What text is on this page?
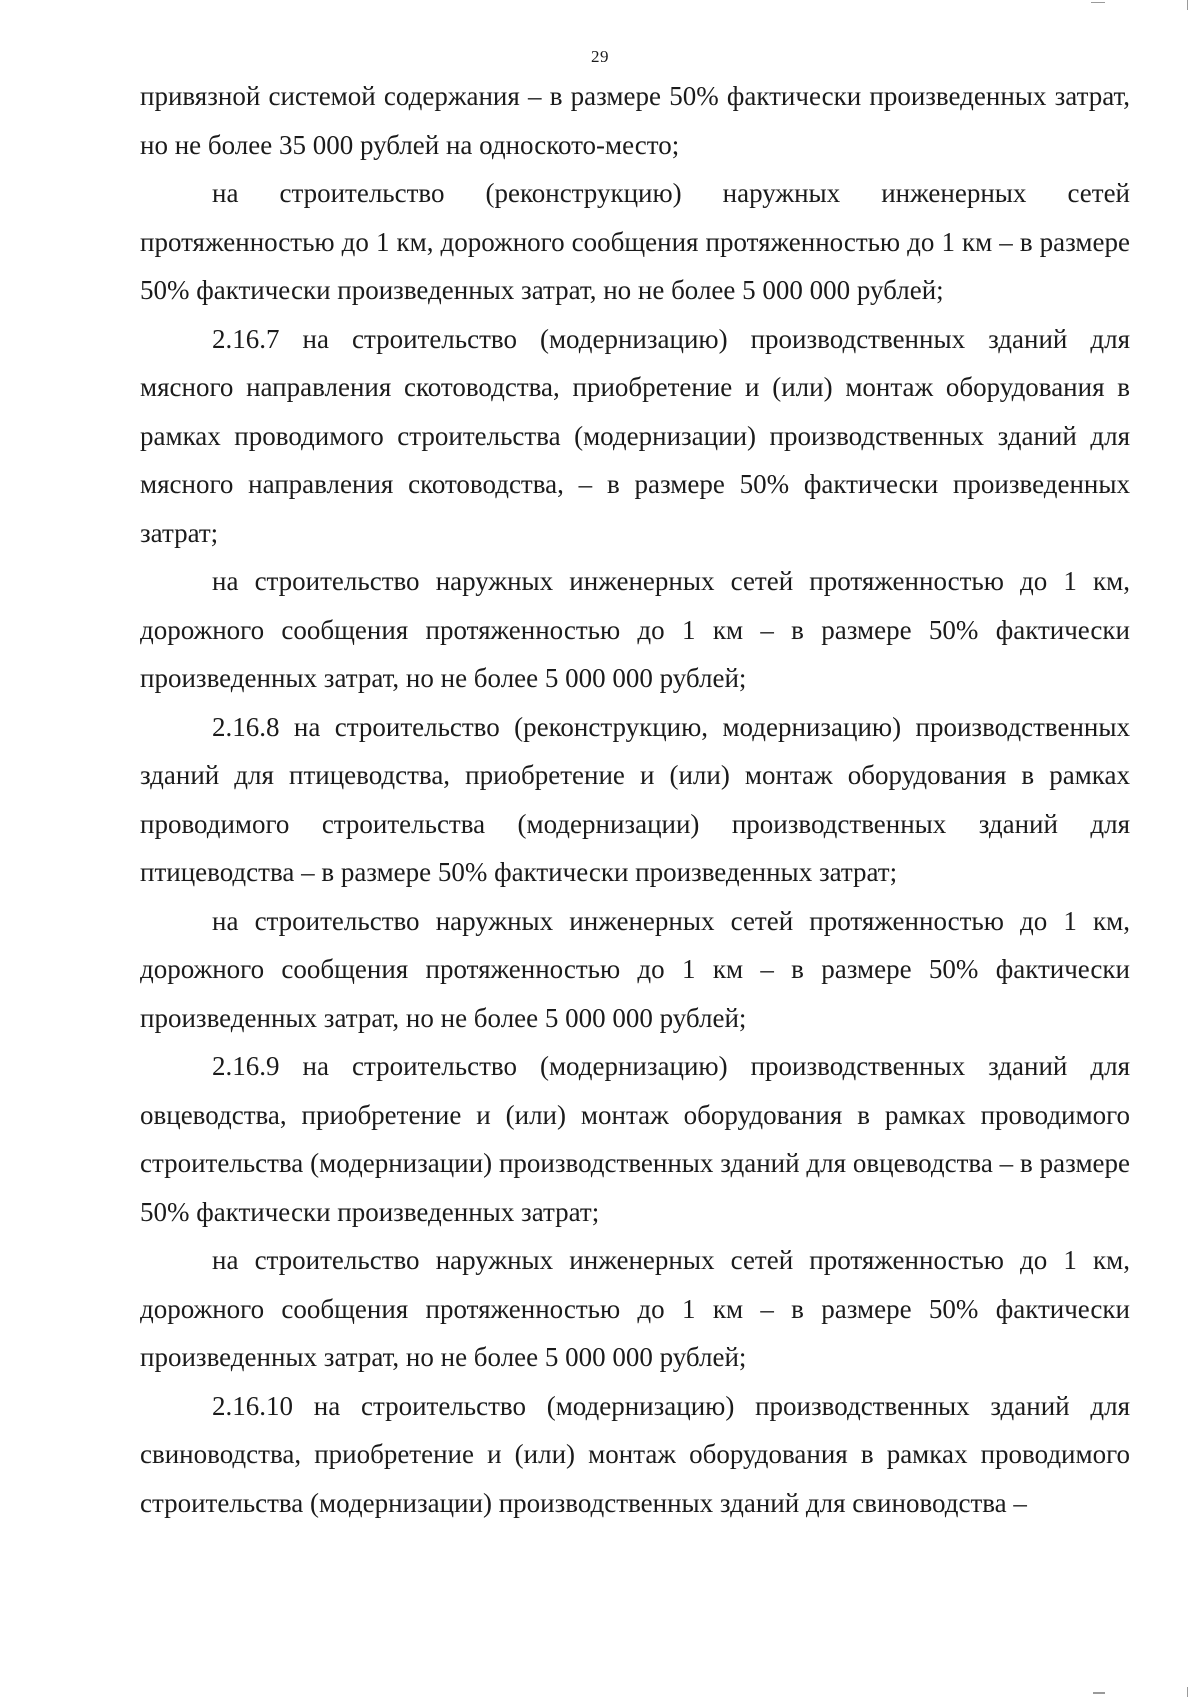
29

привязной системой содержания – в размере 50% фактически произведенных затрат, но не более 35 000 рублей на одноското-место;

на строительство (реконструкцию) наружных инженерных сетей протяженностью до 1 км, дорожного сообщения протяженностью до 1 км – в размере 50% фактически произведенных затрат, но не более 5 000 000 рублей;

2.16.7 на строительство (модернизацию) производственных зданий для мясного направления скотоводства, приобретение и (или) монтаж оборудования в рамках проводимого строительства (модернизации) производственных зданий для мясного направления скотоводства, – в размере 50% фактически произведенных затрат;

на строительство наружных инженерных сетей протяженностью до 1 км, дорожного сообщения протяженностью до 1 км – в размере 50% фактически произведенных затрат, но не более 5 000 000 рублей;

2.16.8 на строительство (реконструкцию, модернизацию) производственных зданий для птицеводства, приобретение и (или) монтаж оборудования в рамках проводимого строительства (модернизации) производственных зданий для птицеводства – в размере 50% фактически произведенных затрат;

на строительство наружных инженерных сетей протяженностью до 1 км, дорожного сообщения протяженностью до 1 км – в размере 50% фактически произведенных затрат, но не более 5 000 000 рублей;

2.16.9 на строительство (модернизацию) производственных зданий для овцеводства, приобретение и (или) монтаж оборудования в рамках проводимого строительства (модернизации) производственных зданий для овцеводства – в размере 50% фактически произведенных затрат;

на строительство наружных инженерных сетей протяженностью до 1 км, дорожного сообщения протяженностью до 1 км – в размере 50% фактически произведенных затрат, но не более 5 000 000 рублей;

2.16.10 на строительство (модернизацию) производственных зданий для свиноводства, приобретение и (или) монтаж оборудования в рамках проводимого строительства (модернизации) производственных зданий для свиноводства –
